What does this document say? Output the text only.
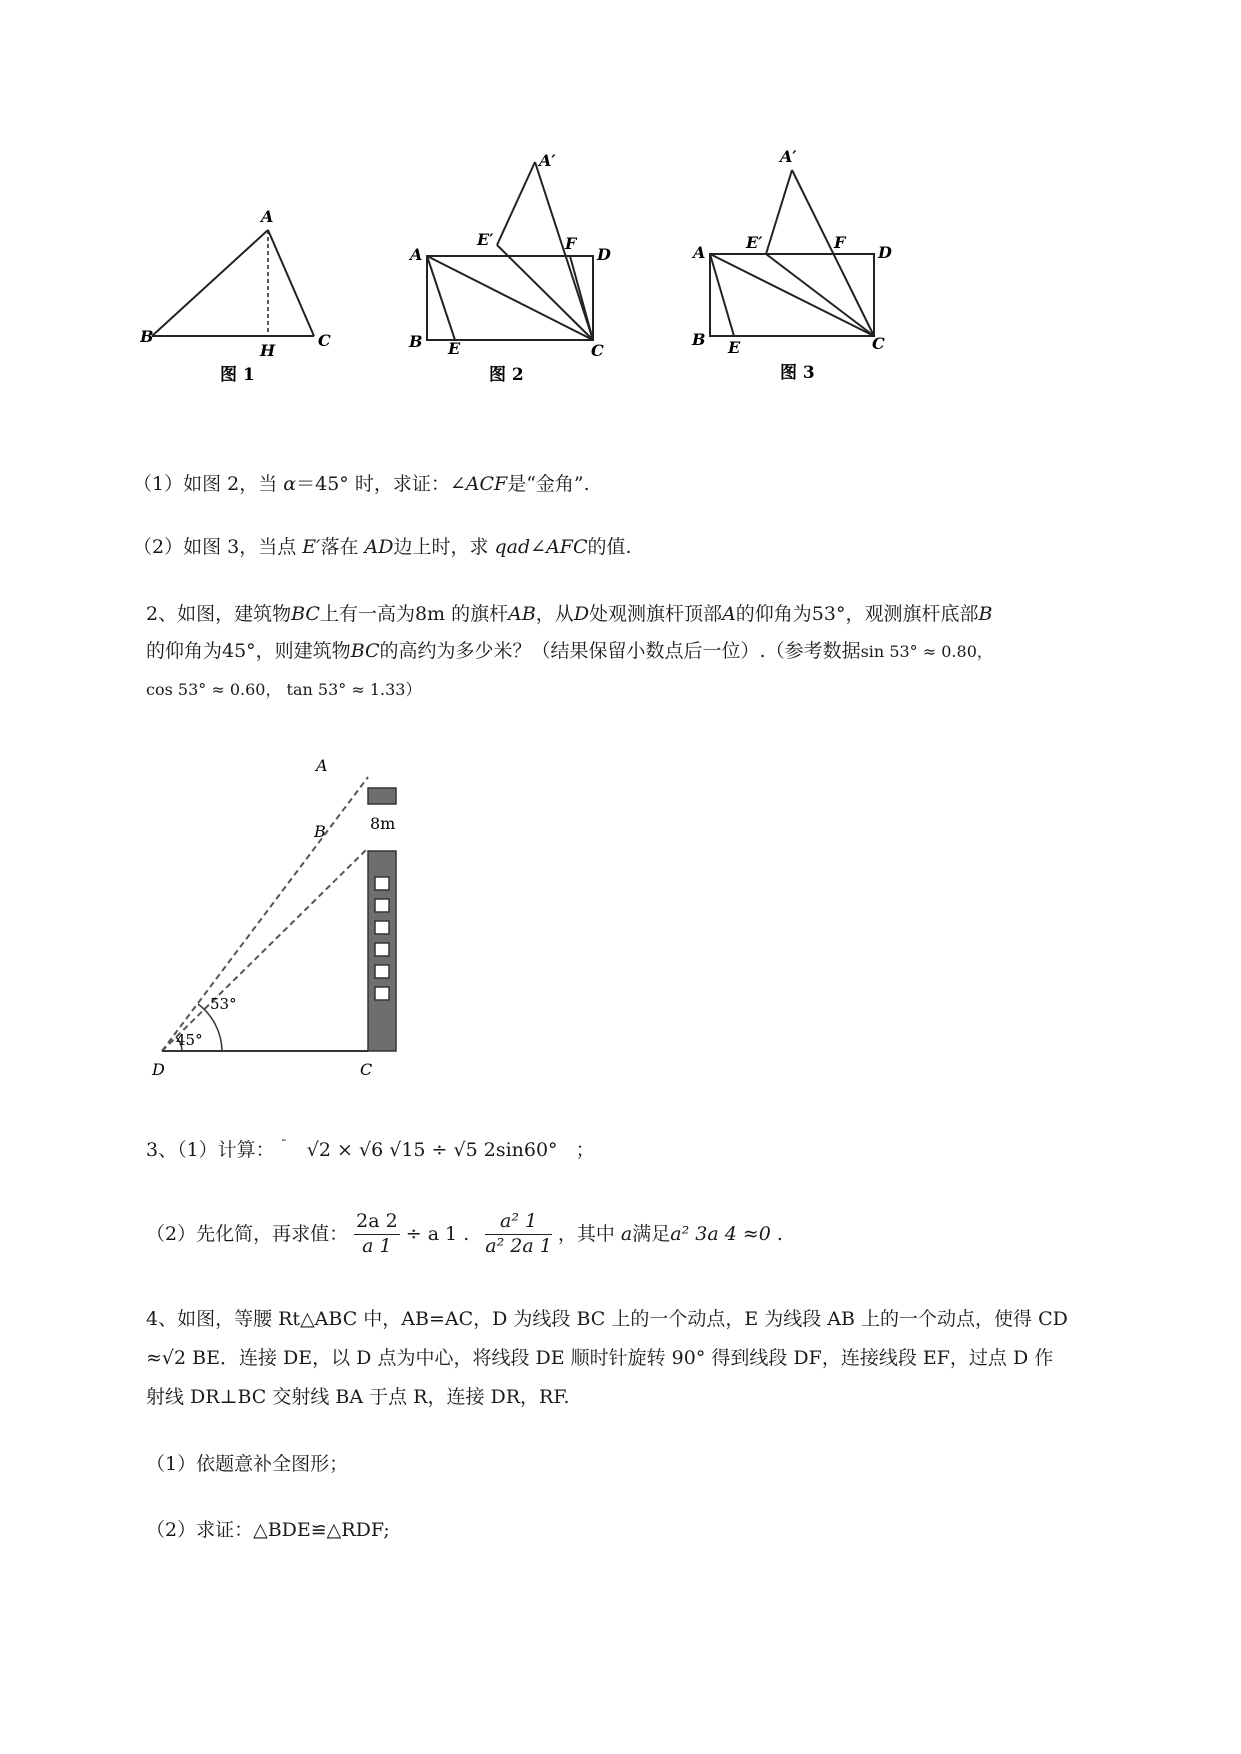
A
B	C
H
图 1
A′
E′	F
A	D
B E	C
图 2
A′
E′	F
A	D
B E	C
图 3
（1）如图 2，当 α＝45° 时，求证：∠ACF是“金角”.
（2）如图 3，当点 E′落在 AD边上时，求 qad∠AFC的值.
2、如图，建筑物BC上有一高为8m 的旗杆AB，从D处观测旗杆顶部A的仰角为53°，观测旗杆底部B
的仰角为45°，则建筑物BC的高约为多少米？（结果保留小数点后一位）.（参考数据sin 53° ≈ 0.80，
cos 53° ≈ 0.60， tan 53° ≈ 1.33）
8m
53°
45°
A
B
D	C
3、（1）计算： ˜ √2 × √6 √15 ÷ √5 2sin60° ；
（2）先化简，再求值： $\frac{2a 2}{a 1} \div a$ 1 . $\frac{\text{a² 1}}{\text{a² 2a 1}}$ ，其中 a满足a² 3a 4 ≈0 .
4、如图，等腰 Rt△ABC 中，AB=AC，D 为线段 BC 上的一个动点，E 为线段 AB 上的一个动点，使得 CD
≈√2 BE．连接 DE，以 D 点为中心，将线段 DE 顺时针旋转 90° 得到线段 DF，连接线段 EF，过点 D 作
射线 DR⊥BC 交射线 BA 于点 R，连接 DR，RF.
（1）依题意补全图形；
（2）求证：△BDE≌△RDF;
